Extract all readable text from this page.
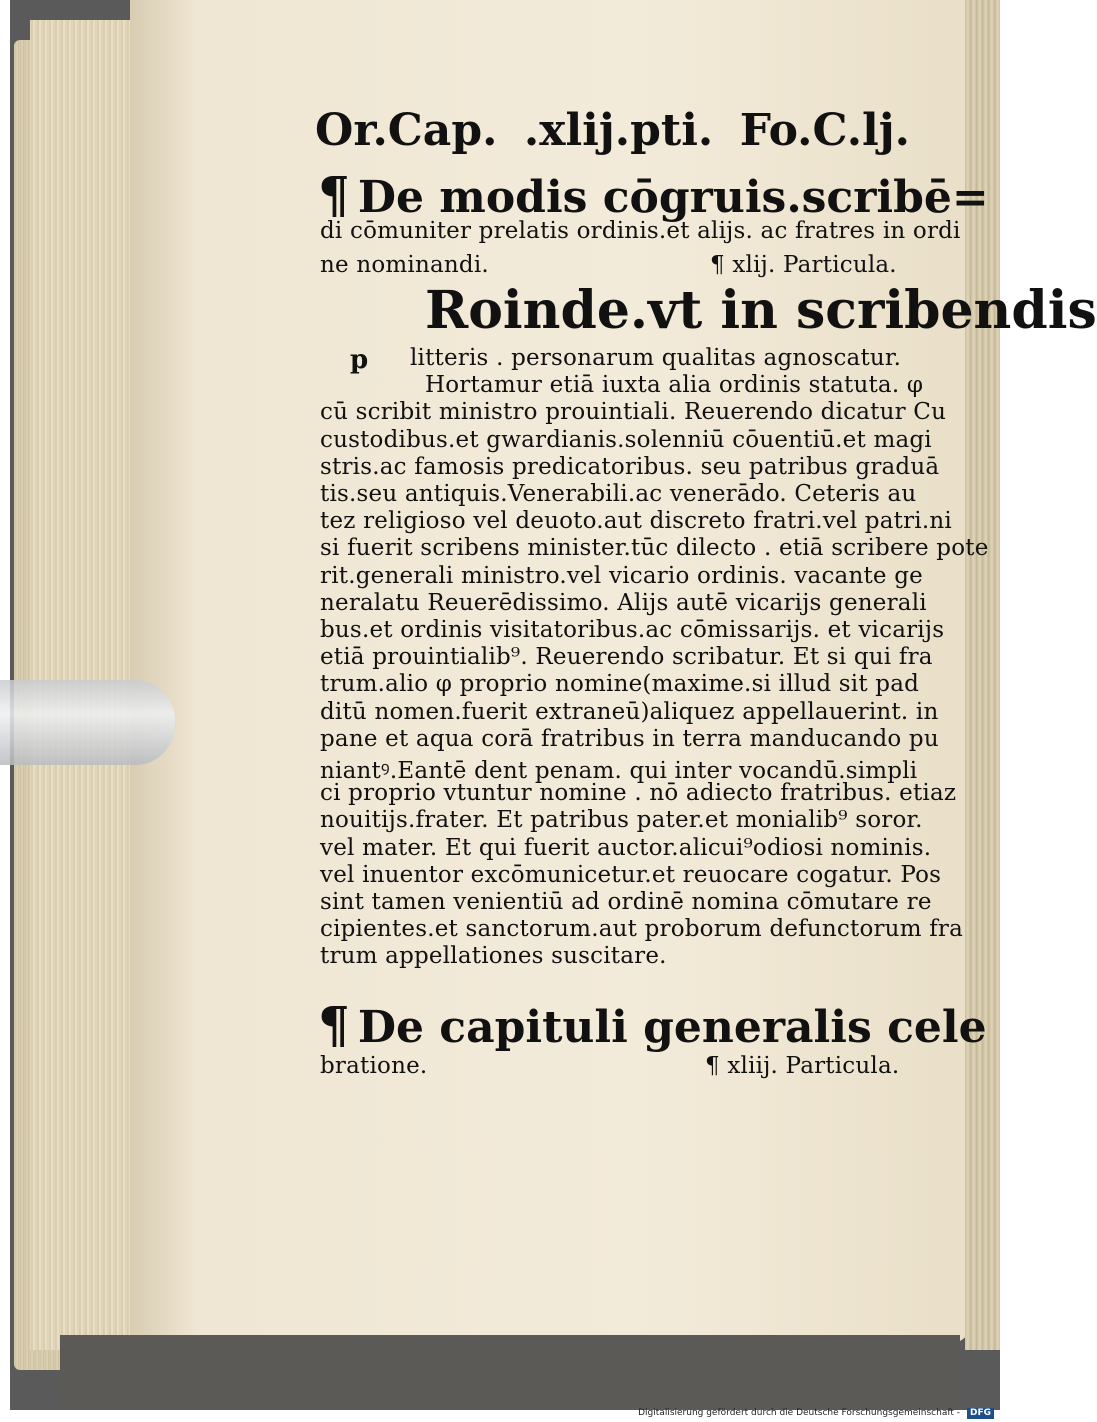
Or.Cap. .xlij.pti. Fo.C.lj.
¶ De modis cōgruis.scribē=
di cōmuniter prelatis ordinis.et alijs. ac fratres in ordi
ne nominandi.	¶ xlij. Particula.
Roinde.vt in scribendis
p litteris . personarum qualitas agnoscatur.
Hortamur etiā iuxta alia ordinis statuta. φ
cū scribit ministro prouintiali. Reuerendo dicatur Cu
custodibus.et gwardianis.solenniū cōuentiū.et magi
stris.ac famosis predicatoribus. seu patribus graduā
tis.seu antiquis.Venerabili.ac venerādo. Ceteris au
tez religioso vel deuoto.aut discreto fratri.vel patri.ni
si fuerit scribens minister.tūc dilecto . etiā scribere pote
rit.generali ministro.vel vicario ordinis. vacante ge
neralatu Reuerēdissimo. Alijs autē vicarijs generali
bus.et ordinis visitatoribus.ac cōmissarijs. et vicarijs
etiā prouintialib⁹. Reuerendo scribatur. Et si qui fra
trum.alio φ proprio nomine(maxime.si illud sit pad
ditū nomen.fuerit extraneū)aliquez appellauerint. in
pane et aqua corā fratribus in terra manducando pu
niantꝰ.Eantē dent penam. qui inter vocandū.simpli
ci proprio vtuntur nomine . nō adiecto fratribus. etiaz
nouitijs.frater. Et patribus pater.et monialib⁹ soror.
vel mater. Et qui fuerit auctor.alicui⁹odiosi nominis.
vel inuentor excōmunicetur.et reuocare cogatur. Pos
sint tamen venientiū ad ordinē nomina cōmutare re
cipientes.et sanctorum.aut proborum defunctorum fra
trum appellationes suscitare.
¶ De capituli generalis cele
bratione.	¶ xliij. Particula.
Digitalisierung gefördert durch die Deutsche Forschungsgemeinschaft -	DFG
